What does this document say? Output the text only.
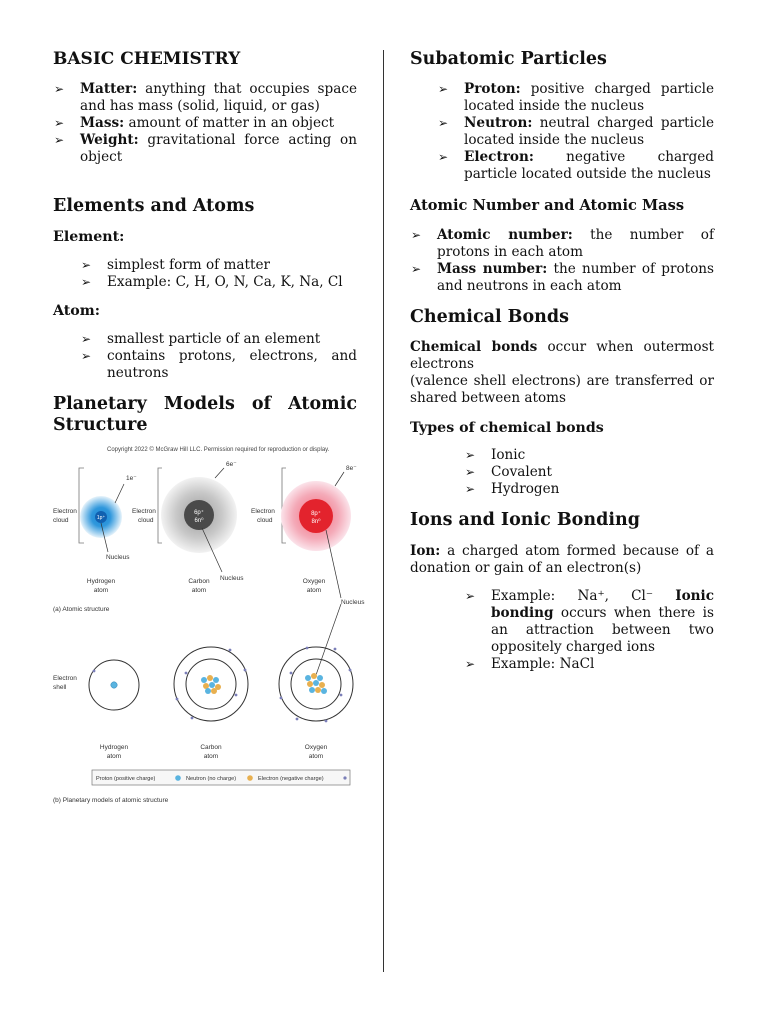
BASIC CHEMISTRY
➢ Matter: anything that occupies space and has mass (solid, liquid, or gas)
➢ Mass: amount of matter in an object
➢ Weight: gravitational force acting on object
Elements and Atoms
Element:
➢ simplest form of matter
➢ Example: C, H, O, N, Ca, K, Na, Cl
Atom:
➢ smallest particle of an element
➢ contains protons, electrons, and neutrons
Planetary Models of Atomic Structure
Copyright 2022 © McGraw Hill LLC. Permission required for reproduction or display.
1p⁺
Electron
cloud
1e⁻
Nucleus
Hydrogen
atom
6p⁺
6n⁰
Electron
cloud
6e⁻
Nucleus
Carbon
atom
8p⁺
8n⁰
Electron
cloud
8e⁻
Nucleus
Oxygen
atom
(a) Atomic structure
Electron
shell
Hydrogen
atom
Carbon
atom
Oxygen
atom
Proton (positive charge)	Neutron (no charge)	Electron (negative charge)
(b) Planetary models of atomic structure
Subatomic Particles
➢ Proton: positive charged particle located inside the nucleus
➢ Neutron: neutral charged particle located inside the nucleus
➢ Electron: negative charged particle located outside the nucleus
Atomic Number and Atomic Mass
➢ Atomic number: the number of protons in each atom
➢ Mass number: the number of protons and neutrons in each atom
Chemical Bonds
Chemical bonds occur when outermost electrons
(valence shell electrons) are transferred or shared between atoms
Types of chemical bonds
➢ Ionic
➢ Covalent
➢ Hydrogen
Ions and Ionic Bonding
Ion: a charged atom formed because of a donation or gain of an electron(s)
➢ Example: Na⁺, Cl⁻ Ionic bonding occurs when there is an attraction between two oppositely charged ions
➢ Example: NaCl
